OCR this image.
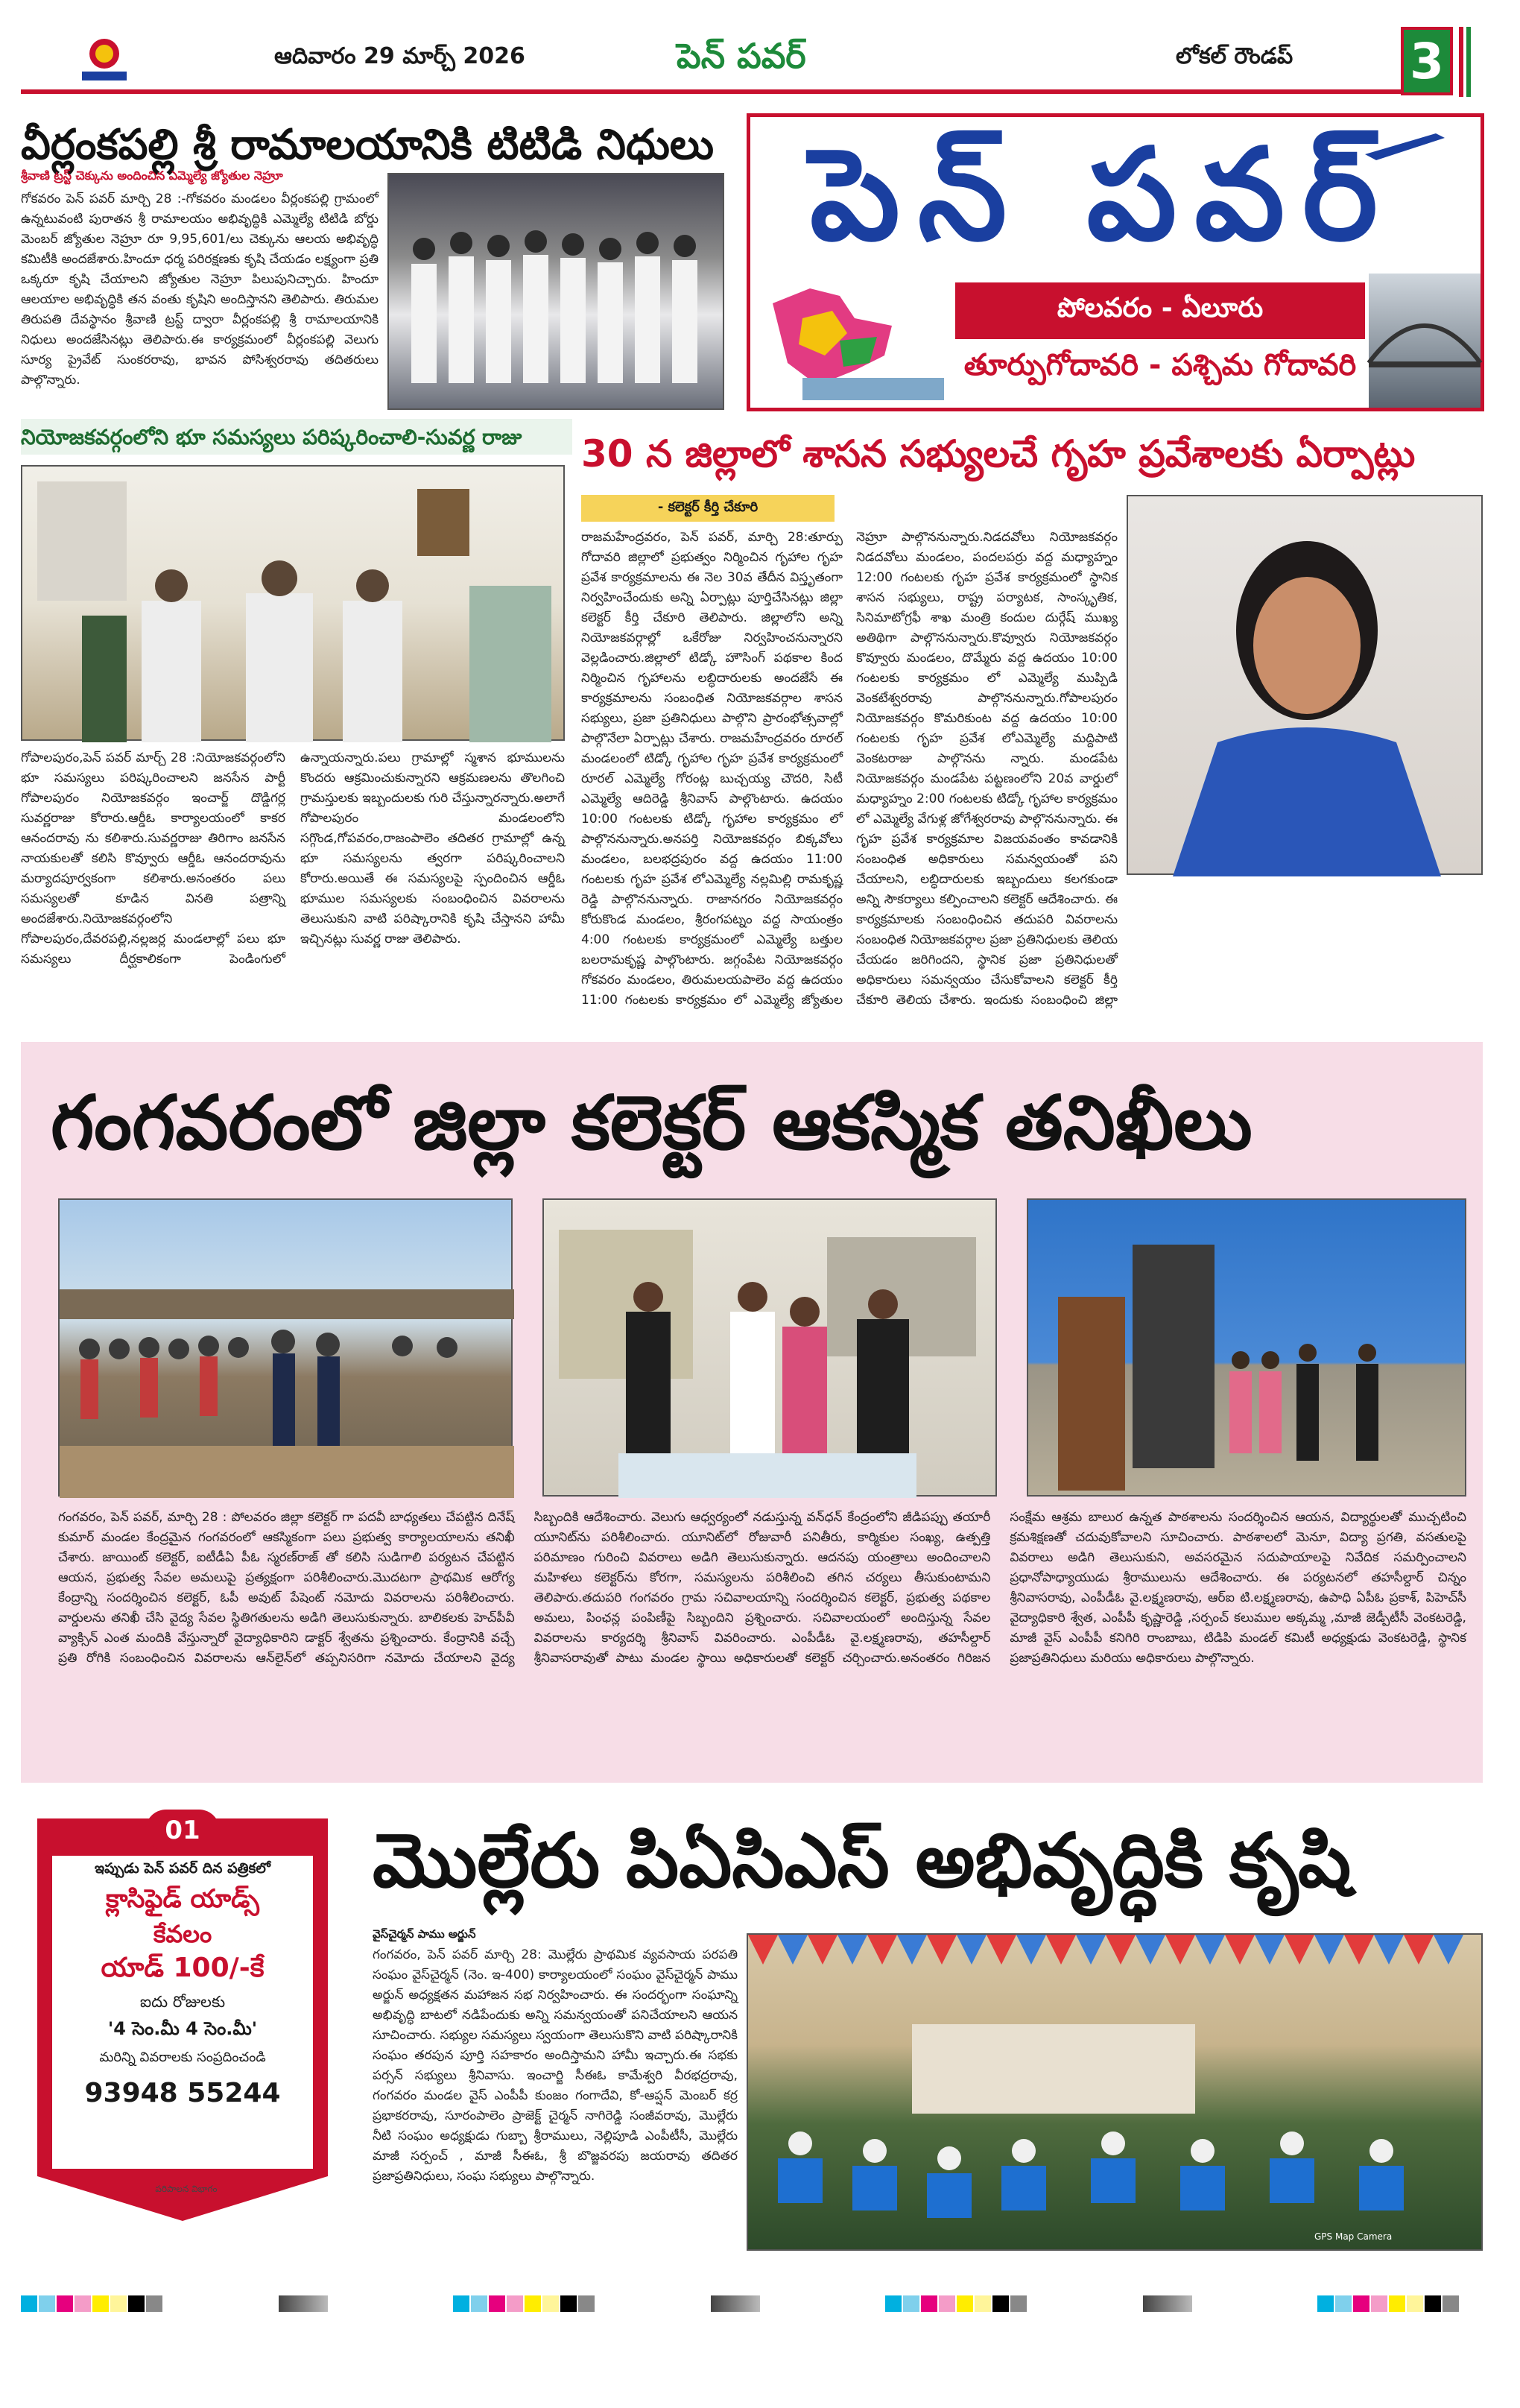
ఆదివారం 29 మార్చ్ 2026	పెన్ పవర్	లోకల్ రౌండప్ 3
వీర్లంకపల్లి శ్రీ రామాలయానికి టిటిడి నిధులు
శ్రీవాణి ట్రస్ట్ చెక్కును అందించిన ఎమ్మెల్యే జ్యోతుల నెహ్రూ
గోకవరం పెన్ పవర్ మార్చి 28 :-గోకవరం మండలం వీర్లంకపల్లి గ్రామంలో ఉన్నటువంటి పురాతన శ్రీ రామాలయం అభివృద్ధికి ఎమ్మెల్యే టిటిడి బోర్డు మెంబర్ జ్యోతుల నెహ్రూ రూ 9,95,601/లు చెక్కును ఆలయ అభివృద్ధి కమిటీకి అందజేశారు.హిందూ ధర్మ పరిరక్షణకు కృషి చేయడం లక్ష్యంగా ప్రతి ఒక్కరూ కృషి చేయాలని జ్యోతుల నెహ్రూ పిలుపునిచ్చారు. హిందూ ఆలయాల అభివృద్ధికి తన వంతు కృషిని అందిస్తానని తెలిపారు. తిరుమల తిరుపతి దేవస్థానం శ్రీవాణి ట్రస్ట్ ద్వారా వీర్లంకపల్లి శ్రీ రామాలయానికి నిధులు అందజేసినట్లు తెలిపారు.ఈ కార్యక్రమంలో వీర్లంకపల్లి వెలుగు సూర్య ప్రైవేట్ సుంకరరావు, భావన పోసిశ్వరరావు తదితరులు పాల్గొన్నారు.
పెన్ పవర్
పోలవరం - ఏలూరు
తూర్పుగోదావరి - పశ్చిమ గోదావరి
నియోజకవర్గంలోని భూ సమస్యలు పరిష్కరించాలి-సువర్ణ రాజు 30 న జిల్లాలో శాసన సభ్యులచే గృహ ప్రవేశాలకు ఏర్పాట్లు
గోపాలపురం,పెన్ పవర్ మార్చ్ 28 :నియోజకవర్గంలోని భూ సమస్యలు పరిష్కరించాలని జనసేన పార్టీ గోపాలపురం నియోజకవర్గం ఇంచార్జ్ దొడ్డిగర్ల సువర్ణరాజు కోరారు.ఆర్డీఓ కార్యాలయంలో కాకర ఆనందరావు ను కలిశారు.సువర్ణరాజు తిరిగాం జనసేన నాయకులతో కలిసి కొవ్వూరు ఆర్డీఓ ఆనందరావును మర్యాదపూర్వకంగా కలిశారు.అనంతరం పలు సమస్యలతో కూడిన వినతి పత్రాన్ని అందజేశారు.నియోజకవర్గంలోని గోపాలపురం,దేవరపల్లి,నల్లజర్ల మండలాల్లో పలు భూ సమస్యలు దీర్ఘకాలికంగా పెండింగులో ఉన్నాయన్నారు.పలు గ్రామాల్లో స్మశాన భూములను కొందరు ఆక్రమించుకున్నారని ఆక్రమణలను తొలగించి గ్రామస్తులకు ఇబ్బందులకు గురి చేస్తున్నారన్నారు.అలాగే గోపాలపురం మండలంలోని సగ్గొండ,గోపవరం,రాజంపాలెం తదితర గ్రామాల్లో ఉన్న భూ సమస్యలను త్వరగా పరిష్కరించాలని కోరారు.అయితే ఈ సమస్యలపై స్పందించిన ఆర్డీఓ భూముల సమస్యలకు సంబంధించిన వివరాలను తెలుసుకుని వాటి పరిష్కారానికి కృషి చేస్తానని హామీ ఇచ్చినట్లు సువర్ణ రాజు తెలిపారు.
- కలెక్టర్ కీర్తి చేకూరి
రాజమహేంద్రవరం, పెన్ పవర్, మార్చి 28:తూర్పు గోదావరి జిల్లాలో ప్రభుత్వం నిర్మించిన గృహాల గృహ ప్రవేశ కార్యక్రమాలను ఈ నెల 30వ తేదీన విస్తృతంగా నిర్వహించేందుకు అన్ని ఏర్పాట్లు పూర్తిచేసినట్లు జిల్లా కలెక్టర్ కీర్తి చేకూరి తెలిపారు. జిల్లాలోని అన్ని నియోజకవర్గాల్లో ఒకేరోజు నిర్వహించనున్నారని వెల్లడించారు.జిల్లాలో టిడ్కో హౌసింగ్ పథకాల కింద నిర్మించిన గృహాలను లబ్ధిదారులకు అందజేసే ఈ కార్యక్రమాలను సంబంధిత నియోజకవర్గాల శాసన సభ్యులు, ప్రజా ప్రతినిధులు పాల్గొని ప్రారంభోత్సవాల్లో పాల్గొనేలా ఏర్పాట్లు చేశారు. రాజమహేంద్రవరం రూరల్ మండలంలో టిడ్కో గృహాల గృహ ప్రవేశ కార్యక్రమంలో రూరల్ ఎమ్మెల్యే గోరంట్ల బుచ్చయ్య చౌదరి, సిటీ ఎమ్మెల్యే ఆదిరెడ్డి శ్రీనివాస్ పాల్గొంటారు. ఉదయం 10:00 గంటలకు టిడ్కో గృహాల కార్యక్రమం లో పాల్గొననున్నారు.అనపర్తి నియోజకవర్గం బిక్కవోలు మండలం, బలభద్రపురం వద్ద ఉదయం 11:00 గంటలకు గృహ ప్రవేశ లోఎమ్మెల్యే నల్లమిల్లి రామకృష్ణ రెడ్డి పాల్గొననున్నారు. రాజానగరం నియోజకవర్గం కోరుకొండ మండలం, శ్రీరంగపట్నం వద్ద సాయంత్రం 4:00 గంటలకు కార్యక్రమంలో ఎమ్మెల్యే బత్తుల బలరామకృష్ణ పాల్గొంటారు. జగ్గంపేట నియోజకవర్గం గోకవరం మండలం, తిరుమలయపాలెం వద్ద ఉదయం 11:00 గంటలకు కార్యక్రమం లో ఎమ్మెల్యే జ్యోతుల నెహ్రూ పాల్గొననున్నారు.నిడదవోలు నియోజకవర్గం నిడదవోలు మండలం, పందలపర్రు వద్ద మధ్యాహ్నం 12:00 గంటలకు గృహ ప్రవేశ కార్యక్రమంలో స్థానిక శాసన సభ్యులు, రాష్ట్ర పర్యాటక, సాంస్కృతిక, సినిమాటోగ్రఫీ శాఖ మంత్రి కందుల దుర్గేష్ ముఖ్య అతిథిగా పాల్గొననున్నారు.కొవ్వూరు నియోజకవర్గం కొవ్వూరు మండలం, దొమ్మేరు వద్ద ఉదయం 10:00 గంటలకు కార్యక్రమం లో ఎమ్మెల్యే ముప్పిడి వెంకటేశ్వరరావు పాల్గొననున్నారు.గోపాలపురం నియోజకవర్గం కొమరికుంట వద్ద ఉదయం 10:00 గంటలకు గృహ ప్రవేశ లోఎమ్మెల్యే మద్దిపాటి వెంకటరాజు పాల్గొనను న్నారు. మండపేట నియోజకవర్గం మండపేట పట్టణంలోని 20వ వార్డులో మధ్యాహ్నం 2:00 గంటలకు టిడ్కో గృహాల కార్యక్రమం లో ఎమ్మెల్యే వేగుళ్ల జోగేశ్వరరావు పాల్గొననున్నారు. ఈ గృహ ప్రవేశ కార్యక్రమాల విజయవంతం కావడానికి సంబంధిత అధికారులు సమన్వయంతో పని చేయాలని, లబ్ధిదారులకు ఇబ్బందులు కలగకుండా అన్ని సౌకర్యాలు కల్పించాలని కలెక్టర్ ఆదేశించారు. ఈ కార్యక్రమాలకు సంబంధించిన తదుపరి వివరాలను సంబంధిత నియోజకవర్గాల ప్రజా ప్రతినిధులకు తెలియ చేయడం జరిగిందని, స్థానిక ప్రజా ప్రతినిధులతో అధికారులు సమన్వయం చేసుకోవాలని కలెక్టర్ కీర్తి చేకూరి తెలియ చేశారు. ఇందుకు సంబంధించి జిల్లా
గంగవరంలో జిల్లా కలెక్టర్ ఆకస్మిక తనిఖీలు
గంగవరం, పెన్ పవర్, మార్చి 28 : పోలవరం జిల్లా కలెక్టర్ గా పదవీ బాధ్యతలు చేపట్టిన దినేష్ కుమార్ మండల కేంద్రమైన గంగవరంలో ఆకస్మికంగా పలు ప్రభుత్వ కార్యాలయాలను తనిఖీ చేశారు. జాయింట్ కలెక్టర్, ఐటీడీఏ పీఓ స్మరణ్‌రాజ్ తో కలిసి సుడిగాలి పర్యటన చేపట్టిన ఆయన, ప్రభుత్వ సేవల అమలుపై ప్రత్యక్షంగా పరిశీలించారు.మొదటగా ప్రాథమిక ఆరోగ్య కేంద్రాన్ని సందర్శించిన కలెక్టర్, ఓపీ అవుట్ పేషెంట్ నమోదు వివరాలను పరిశీలించారు. వార్డులను తనిఖీ చేసి వైద్య సేవల స్థితిగతులను అడిగి తెలుసుకున్నారు. బాలికలకు హెచ్‌పీవీ వ్యాక్సిన్ ఎంత మందికి వేస్తున్నారో వైద్యాధికారిని డాక్టర్ శ్వేతను ప్రశ్నించారు. కేంద్రానికి వచ్చే ప్రతి రోగికి సంబంధించిన వివరాలను ఆన్‌లైన్‌లో తప్పనిసరిగా నమోదు చేయాలని వైద్య సిబ్బందికి ఆదేశించారు. వెలుగు ఆధ్వర్యంలో నడుస్తున్న వన్‌ధన్ కేంద్రంలోని జీడిపప్పు తయారీ యూనిట్‌ను పరిశీలించారు. యూనిట్‌లో రోజువారీ పనితీరు, కార్మికుల సంఖ్య, ఉత్పత్తి పరిమాణం గురించి వివరాలు అడిగి తెలుసుకున్నారు. ఆదనపు యంత్రాలు అందించాలని మహిళలు కలెక్టర్‌ను కోరగా, సమస్యలను పరిశీలించి తగిన చర్యలు తీసుకుంటామని తెలిపారు.తదుపరి గంగవరం గ్రామ సచివాలయాన్ని సందర్శించిన కలెక్టర్, ప్రభుత్వ పథకాల అమలు, పింఛన్ల పంపిణీపై సిబ్బందిని ప్రశ్నించారు. సచివాలయంలో అందిస్తున్న సేవల వివరాలను కార్యదర్శి శ్రీనివాస్ వివరించారు. ఎంపీడీఓ వై.లక్ష్మణరావు, తహసీల్దార్ శ్రీనివాసరావుతో పాటు మండల స్థాయి అధికారులతో కలెక్టర్ చర్చించారు.అనంతరం గిరిజన సంక్షేమ ఆశ్రమ బాలుర ఉన్నత పాఠశాలను సందర్శించిన ఆయన, విద్యార్థులతో ముచ్చటించి క్రమశిక్షణతో చదువుకోవాలని సూచించారు. పాఠశాలలో మెనూ, విద్యా ప్రగతి, వసతులపై వివరాలు అడిగి తెలుసుకుని, అవసరమైన సదుపాయాలపై నివేదిక సమర్పించాలని ప్రధానోపాధ్యాయుడు శ్రీరాములును ఆదేశించారు. ఈ పర్యటనలో తహసీల్దార్ చిన్నం శ్రీనివాసరావు, ఎంపీడీఓ వై.లక్ష్మణరావు, ఆర్ఐ టి.లక్ష్మణరావు, ఉపాధి ఏపీఓ ప్రకాశ్, పిహెచ్‌సీ వైద్యాధికారి శ్వేత, ఎంపీపీ కృష్ణారెడ్డి ,సర్పంచ్ కలుముల అక్కమ్మ ,మాజీ జెడ్పీటీసీ వెంకటరెడ్డి, మాజీ వైస్ ఎంపీపీ కనిగిరి రాంబాబు, టిడిపి మండల్ కమిటీ అధ్యక్షుడు వెంకటరెడ్డి, స్థానిక ప్రజాప్రతినిధులు మరియు అధికారులు పాల్గొన్నారు.
01
ఇప్పుడు పెన్ పవర్ దిన పత్రికలో
క్లాసిఫైడ్ యాడ్స్
కేవలం
యాడ్ 100/-కే
ఐదు రోజులకు
'4 సెం.మీ 4 సెం.మీ'
మరిన్ని వివరాలకు సంప్రదించండి
93948 55244
పరిపాలన విభాగం
మొల్లేరు పిఏసిఎస్ అభివృద్ధికి కృషి
వైస్‌చైర్మన్ పాము అర్జున్
గంగవరం, పెన్ పవర్ మార్చి 28: మొల్లేరు ప్రాథమిక వ్యవసాయ పరపతి సంఘం వైస్‌చైర్మన్ (నెం. ఇ-400) కార్యాలయంలో సంఘం వైస్‌చైర్మన్ పాము అర్జున్ అధ్యక్షతన మహాజన సభ నిర్వహించారు. ఈ సందర్భంగా సంఘాన్ని అభివృద్ధి బాటలో నడిపేందుకు అన్ని సమన్వయంతో పనిచేయాలని ఆయన సూచించారు. సభ్యుల సమస్యలు స్వయంగా తెలుసుకొని వాటి పరిష్కారానికి సంఘం తరపున పూర్తి సహకారం అందిస్తామని హామీ ఇచ్చారు.ఈ సభకు పర్సన్ సభ్యులు శ్రీనివాసు. ఇంచార్జి సీఈఓ కామేశ్వరి వీరభద్రరావు, గంగవరం మండల వైస్ ఎంపీపీ కుంజం గంగాదేవి, కో-ఆప్షన్ మెంబర్ కర్ర ప్రభాకరరావు, సూరంపాలెం ప్రాజెక్ట్ చైర్మన్ నాగిరెడ్డి సంజీవరావు, మొల్లేరు నీటి సంఘం అధ్యక్షుడు గుబ్బా శ్రీరాములు, నెల్లిపూడి ఎంపీటీసీ, మొల్లేరు మాజీ సర్పంచ్ , మాజీ సీఈఓ, శ్రీ బొజ్జవరపు జయరావు తదితర ప్రజాప్రతినిధులు, సంఘ సభ్యులు పాల్గొన్నారు.
GPS Map Camera
